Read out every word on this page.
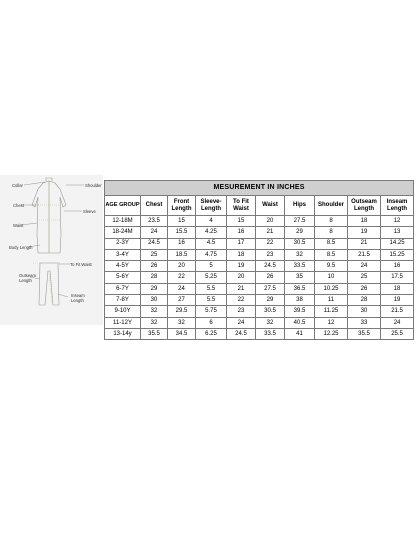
Collar	Shoulder
Chest
Sleeve
Waist
Body Length
To Fit Waist
Outseam Length
Inseam Length
MESUREMENT IN INCHES									
AGE GROUP	Chest	Front Length	Sleeve-Length	To Fit Waist	Waist	Hips	Shoulder	Outseam Length	Inseam Length
12-18M	23.5	15	4	15	20	27.5	8	18	12
18-24M	24	15.5	4.25	16	21	29	8	19	13
2-3Y	24.5	16	4.5	17	22	30.5	8.5	21	14.25
3-4Y	25	18.5	4.75	18	23	32	8.5	21.5	15.25
4-5Y	26	20	5	19	24.5	33.5	9.5	24	16
5-6Y	28	22	5.25	20	26	35	10	25	17.5
6-7Y	29	24	5.5	21	27.5	36.5	10.25	26	18
7-8Y	30	27	5.5	22	29	38	11	28	19
9-10Y	32	29.5	5.75	23	30.5	39.5	11.25	30	21.5
11-12Y	32	32	6	24	32	40.5	12	33	24
13-14y	35.5	34.5	6.25	24.5	33.5	41	12.25	35.5	25.5
